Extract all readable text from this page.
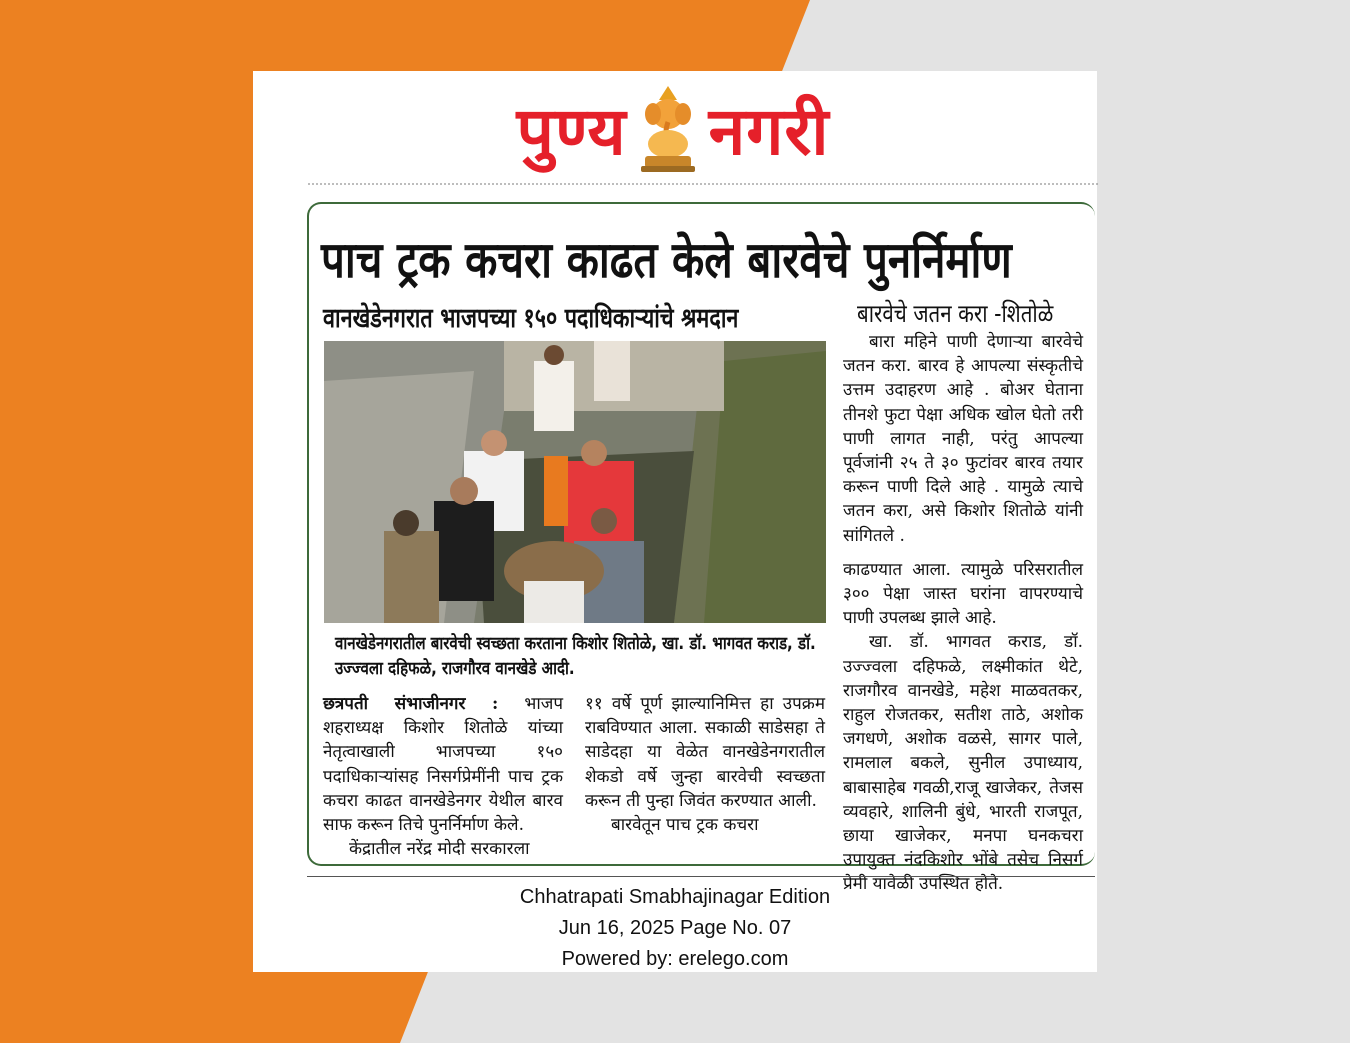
पुण्य नगरी
पाच ट्रक कचरा काढत केले बारवेचे पुनर्निर्माण
वानखेडेनगरात भाजपच्या १५० पदाधिकाऱ्यांचे श्रमदान	बारवेचे जतन करा -शितोळे
वानखेडेनगरातील बारवेची स्वच्छता करताना किशोर शितोळे, खा. डॉ. भागवत कराड, डॉ. उज्ज्वला दहिफळे, राजगौरव वानखेडे आदी.

छत्रपती संभाजीनगर : भाजप शहराध्यक्ष किशोर शितोळे यांच्या नेतृत्वाखाली भाजपच्या १५० पदाधिकाऱ्यांसह निसर्गप्रेमींनी पाच ट्रक कचरा काढत वानखेडेनगर येथील बारव साफ करून तिचे पुनर्निर्माण केले.

केंद्रातील नरेंद्र मोदी सरकारला

११ वर्षे पूर्ण झाल्यानिमित्त हा उपक्रम राबविण्यात आला. सकाळी साडेसहा ते साडेदहा या वेळेत वानखेडेनगरातील शेकडो वर्षे जुन्हा बारवेची स्वच्छता करून ती पुन्हा जिवंत करण्यात आली.

बारवेतून पाच ट्रक कचरा

बारा महिने पाणी देणाऱ्या बारवेचे जतन करा. बारव हे आपल्या संस्कृतीचे उत्तम उदाहरण आहे . बोअर घेताना तीनशे फुटा पेक्षा अधिक खोल घेतो तरी पाणी लागत नाही, परंतु आपल्या पूर्वजांनी २५ ते ३० फुटांवर बारव तयार करून पाणी दिले आहे . यामुळे त्याचे जतन करा, असे किशोर शितोळे यांनी सांगितले .

काढण्यात आला. त्यामुळे परिसरातील ३०० पेक्षा जास्त घरांना वापरण्याचे पाणी उपलब्ध झाले आहे.

खा. डॉ. भागवत कराड, डॉ. उज्ज्वला दहिफळे, लक्ष्मीकांत थेटे, राजगौरव वानखेडे, महेश माळवतकर, राहुल रोजतकर, सतीश ताठे, अशोक जगधणे, अशोक वळसे, सागर पाले, रामलाल बकले, सुनील उपाध्याय, बाबासाहेब गवळी,राजू खाजेकर, तेजस व्यवहारे, शालिनी बुंधे, भारती राजपूत, छाया खाजेकर, मनपा घनकचरा उपायुक्त नंदकिशोर भोंबे तसेच निसर्ग प्रेमी यावेळी उपस्थित होते.

Chhatrapati Smabhajinagar Edition
Jun 16, 2025 Page No. 07
Powered by: erelego.com
